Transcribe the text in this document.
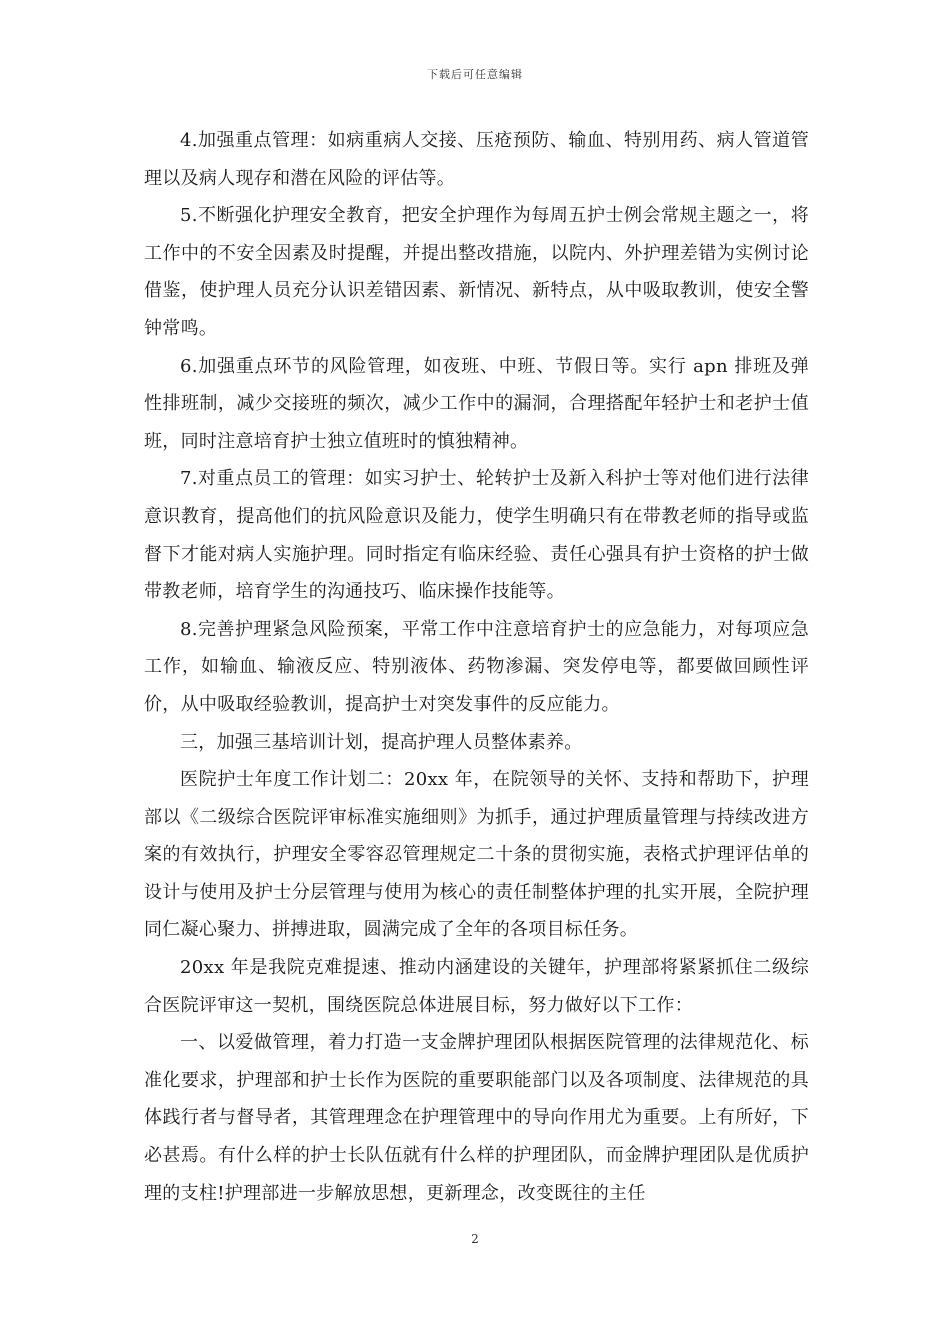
下载后可任意编辑

4.加强重点管理：如病重病人交接、压疮预防、输血、特别用药、病人管道管理以及病人现存和潜在风险的评估等。

5.不断强化护理安全教育，把安全护理作为每周五护士例会常规主题之一，将工作中的不安全因素及时提醒，并提出整改措施，以院内、外护理差错为实例讨论借鉴，使护理人员充分认识差错因素、新情况、新特点，从中吸取教训，使安全警钟常鸣。

6.加强重点环节的风险管理，如夜班、中班、节假日等。实行 apn 排班及弹性排班制，减少交接班的频次，减少工作中的漏洞，合理搭配年轻护士和老护士值班，同时注意培育护士独立值班时的慎独精神。

7.对重点员工的管理：如实习护士、轮转护士及新入科护士等对他们进行法律意识教育，提高他们的抗风险意识及能力，使学生明确只有在带教老师的指导或监督下才能对病人实施护理。同时指定有临床经验、责任心强具有护士资格的护士做带教老师，培育学生的沟通技巧、临床操作技能等。

8.完善护理紧急风险预案，平常工作中注意培育护士的应急能力，对每项应急工作，如输血、输液反应、特别液体、药物渗漏、突发停电等，都要做回顾性评价，从中吸取经验教训，提高护士对突发事件的反应能力。

三，加强三基培训计划，提高护理人员整体素养。

医院护士年度工作计划二：20xx 年，在院领导的关怀、支持和帮助下，护理部以《二级综合医院评审标准实施细则》为抓手，通过护理质量管理与持续改进方案的有效执行，护理安全零容忍管理规定二十条的贯彻实施，表格式护理评估单的设计与使用及护士分层管理与使用为核心的责任制整体护理的扎实开展，全院护理同仁凝心聚力、拼搏进取，圆满完成了全年的各项目标任务。

20xx 年是我院克难提速、推动内涵建设的关键年，护理部将紧紧抓住二级综合医院评审这一契机，围绕医院总体进展目标，努力做好以下工作：

一、以爱做管理，着力打造一支金牌护理团队根据医院管理的法律规范化、标准化要求，护理部和护士长作为医院的重要职能部门以及各项制度、法律规范的具体践行者与督导者，其管理理念在护理管理中的导向作用尤为重要。上有所好，下必甚焉。有什么样的护士长队伍就有什么样的护理团队，而金牌护理团队是优质护理的支柱!护理部进一步解放思想，更新理念，改变既往的主任

2
